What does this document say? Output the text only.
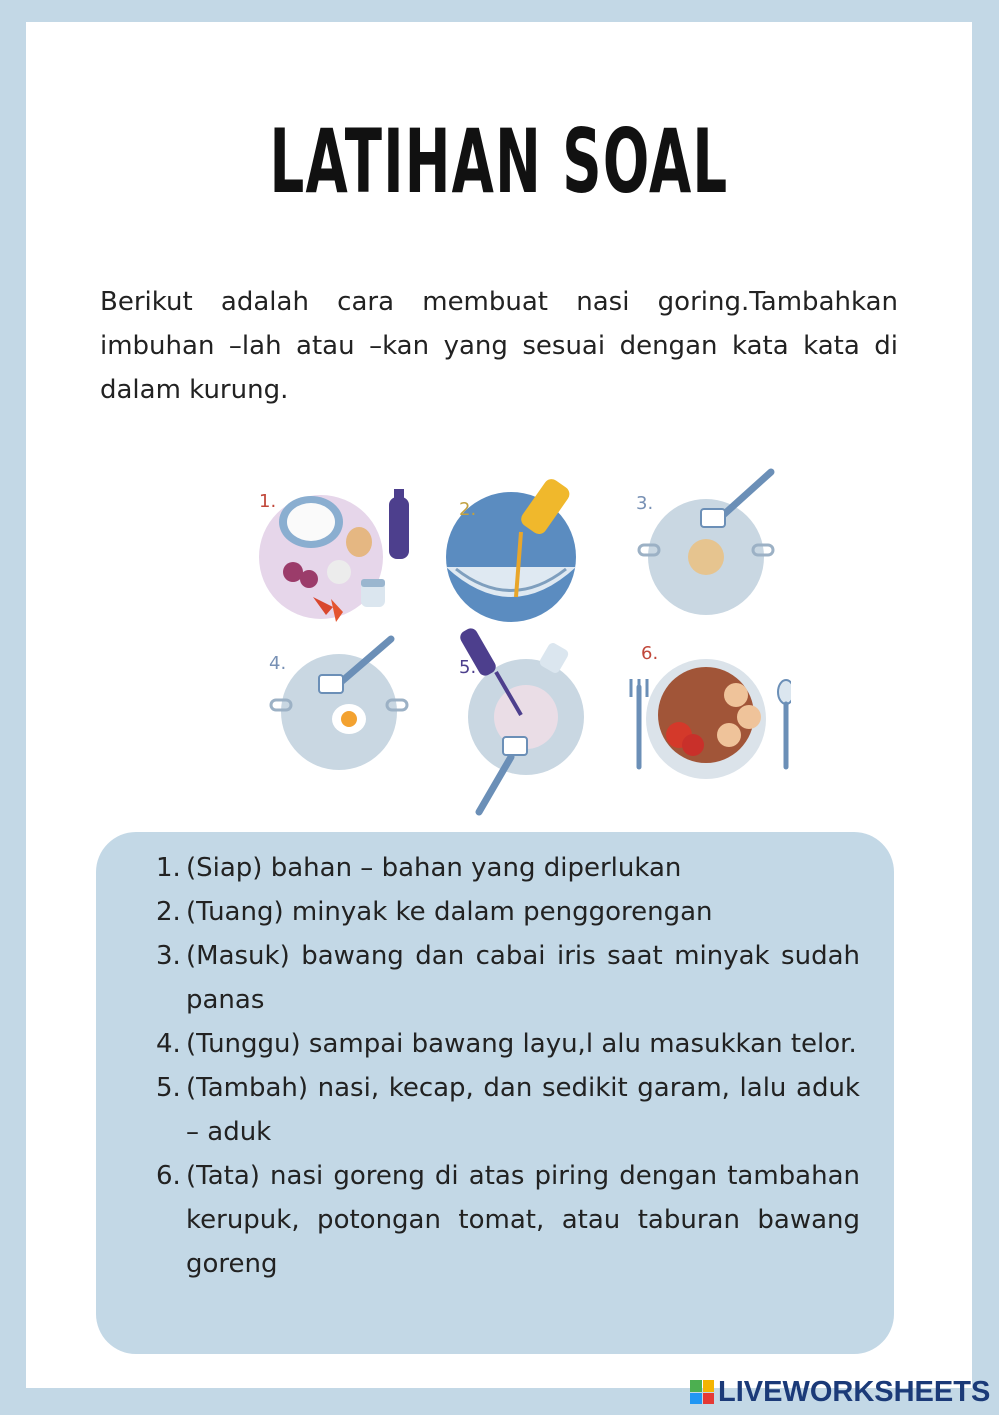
LATIHAN SOAL
Berikut adalah cara membuat nasi goring.Tambahkan imbuhan –lah atau –kan yang sesuai dengan kata kata di dalam kurung.
1.	2.	3.
4.	5.
6.
1. (Siap) bahan – bahan yang diperlukan
2. (Tuang) minyak ke dalam penggorengan
3. (Masuk) bawang dan cabai iris saat minyak sudah panas
4. (Tunggu) sampai bawang layu,l alu masukkan telor.
5. (Tambah) nasi, kecap, dan sedikit garam, lalu aduk – aduk
6. (Tata) nasi goreng di atas piring dengan tambahan kerupuk, potongan tomat, atau taburan bawang goreng
LIVEWORKSHEETS
